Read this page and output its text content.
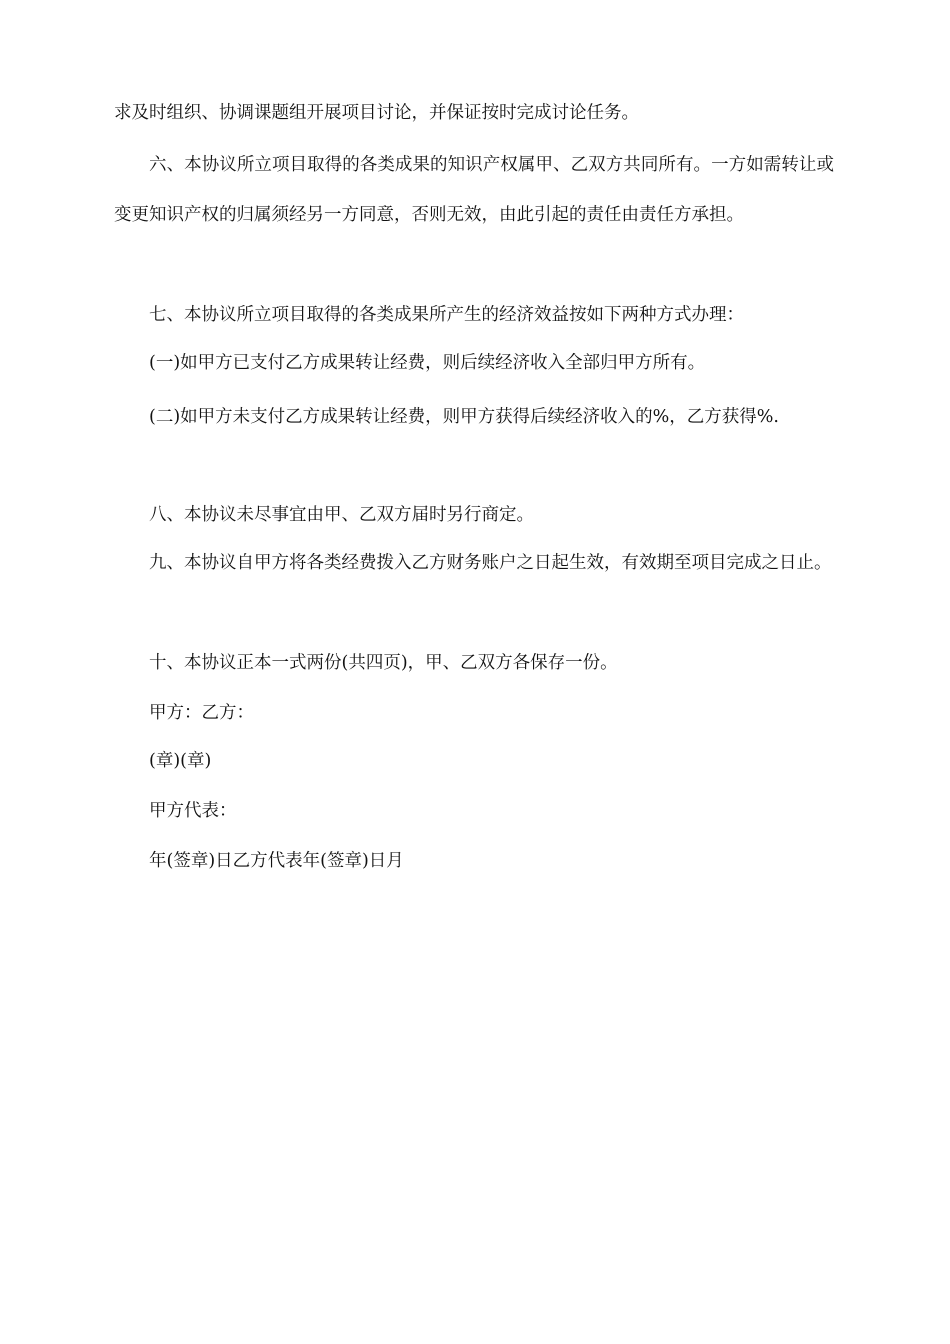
求及时组织、协调课题组开展项目讨论，并保证按时完成讨论任务。

六、本协议所立项目取得的各类成果的知识产权属甲、乙双方共同所有。一方如需转让或变更知识产权的归属须经另一方同意，否则无效，由此引起的责任由责任方承担。

七、本协议所立项目取得的各类成果所产生的经济效益按如下两种方式办理：

(一)如甲方已支付乙方成果转让经费，则后续经济收入全部归甲方所有。

(二)如甲方未支付乙方成果转让经费，则甲方获得后续经济收入的%，乙方获得%.

八、本协议未尽事宜由甲、乙双方届时另行商定。

九、本协议自甲方将各类经费拨入乙方财务账户之日起生效，有效期至项目完成之日止。

十、本协议正本一式两份(共四页)，甲、乙双方各保存一份。

甲方：乙方：

(章)(章)

甲方代表：

年(签章)日乙方代表年(签章)日月
